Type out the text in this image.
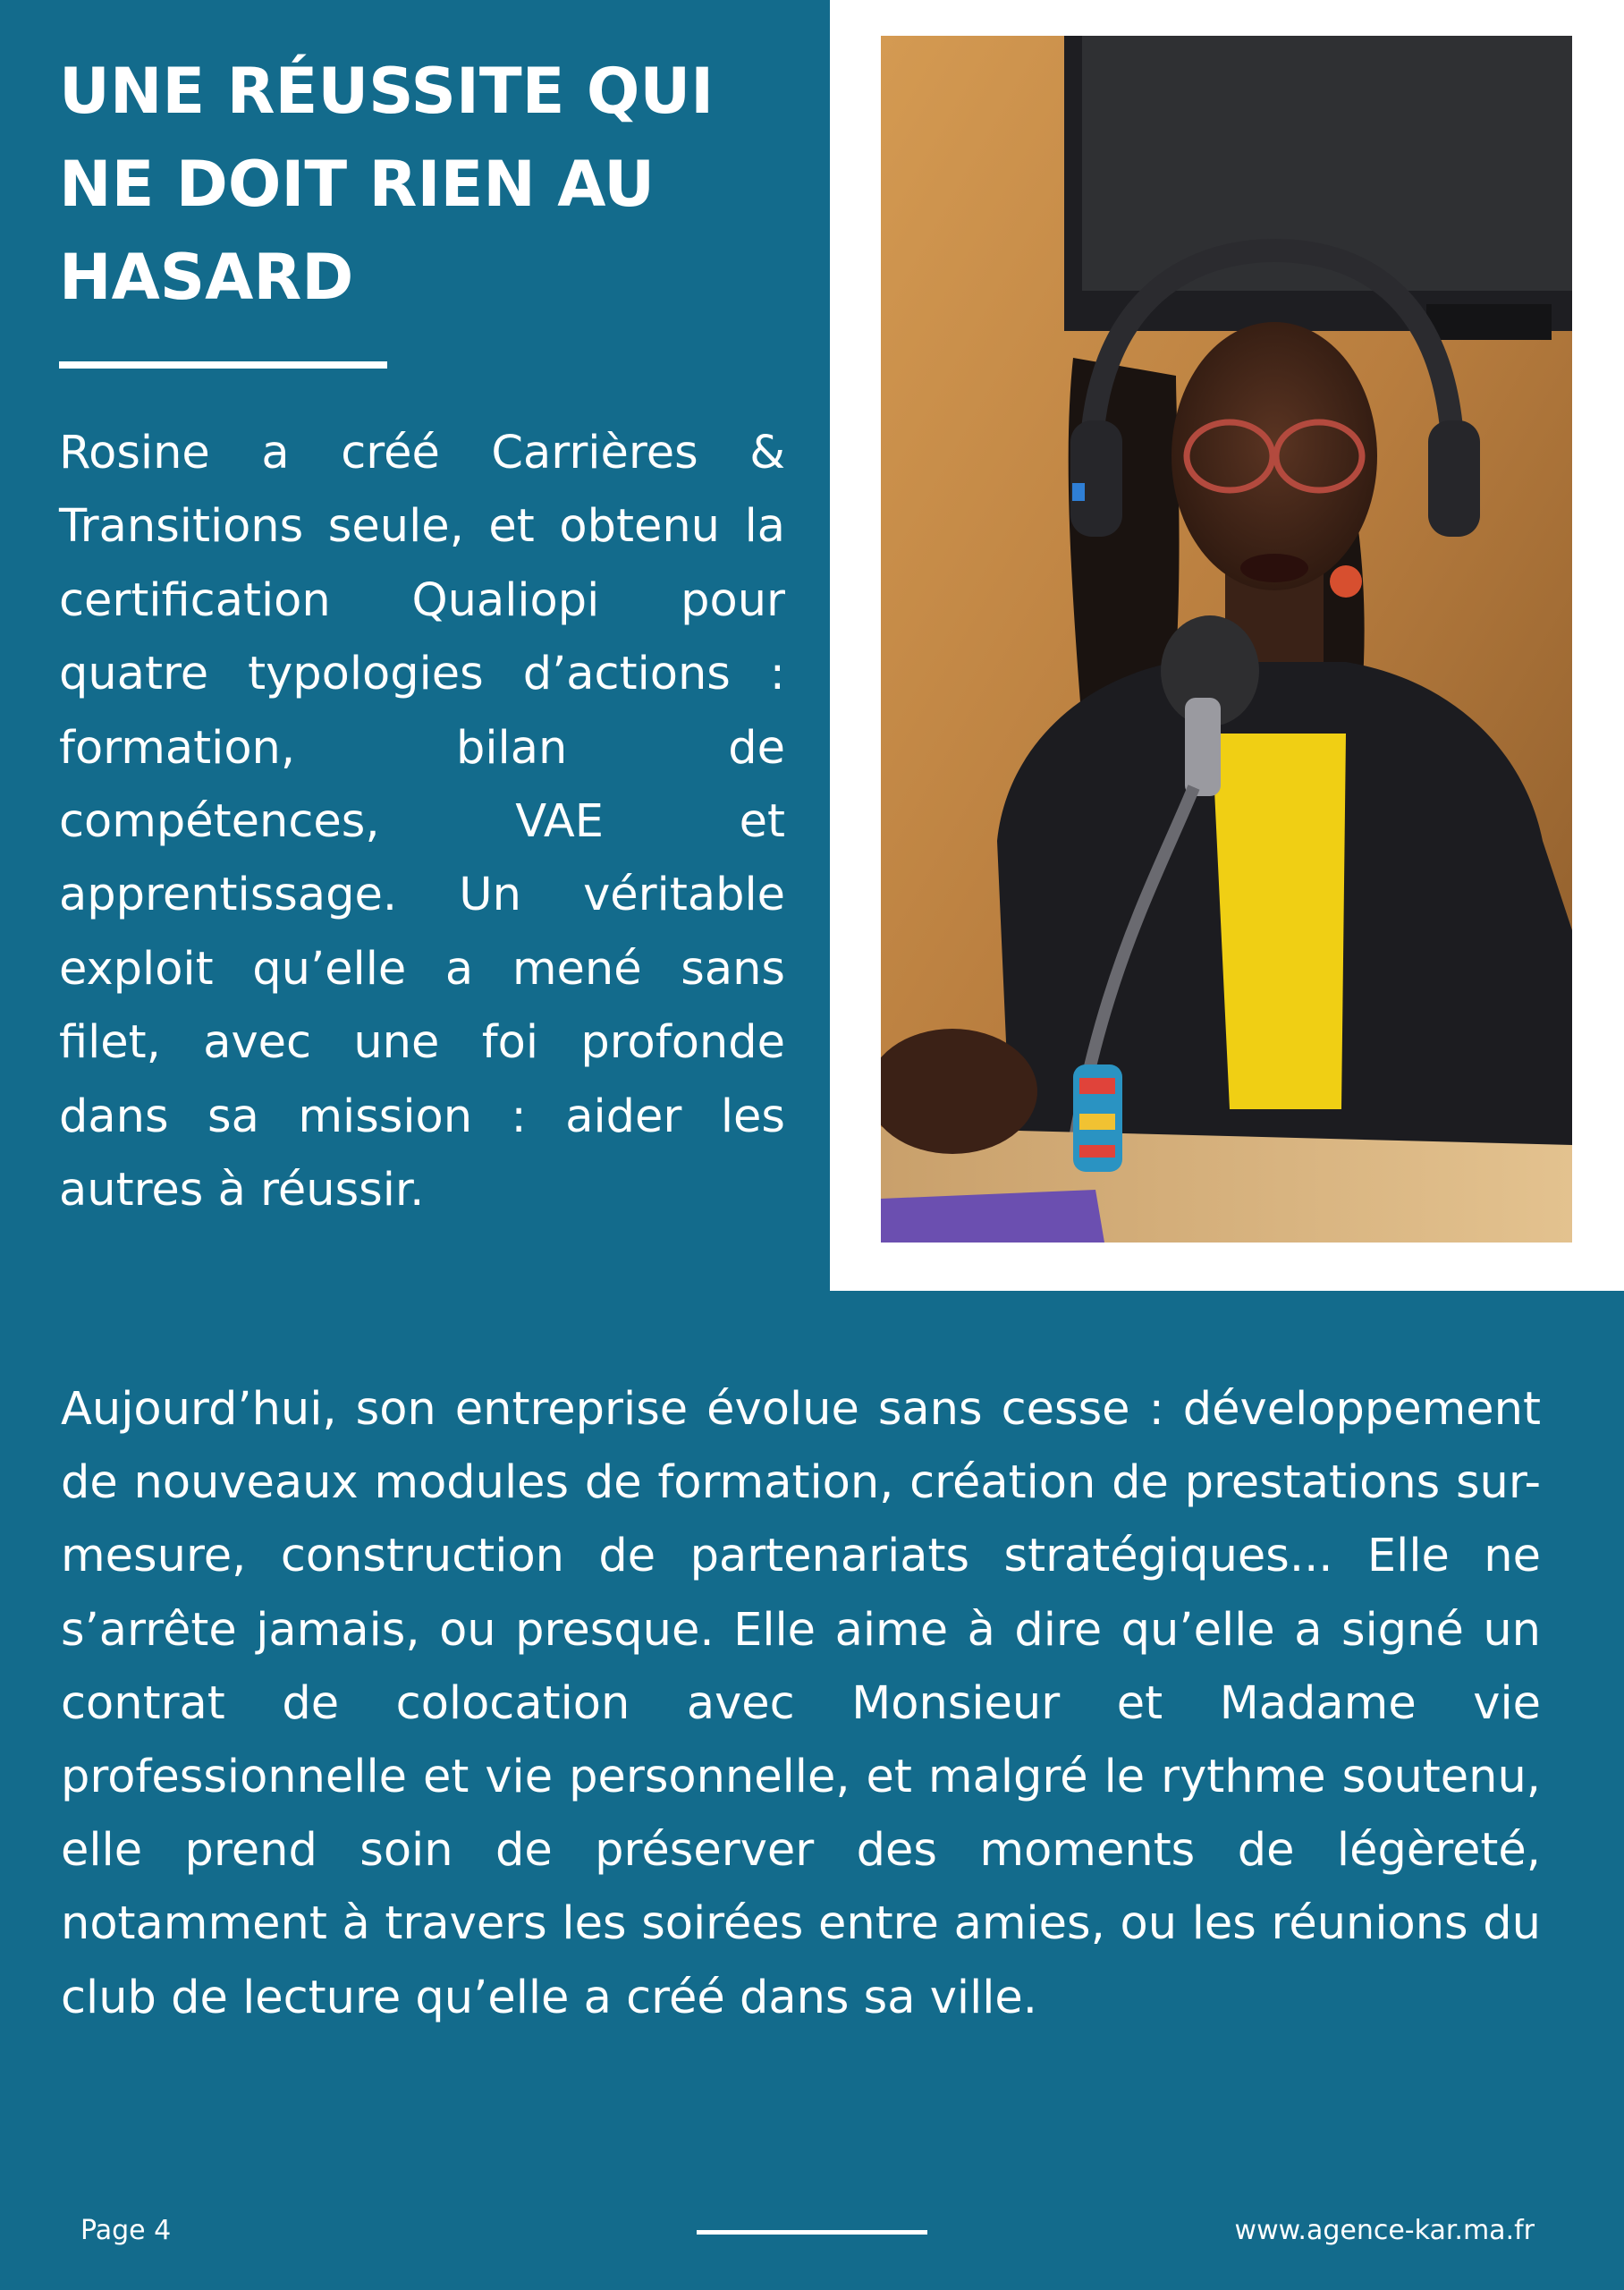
UNE RÉUSSITE QUI NE DOIT RIEN AU HASARD

Rosine a créé Carrières & Transitions seule, et obtenu la certification Qualiopi pour quatre typologies d’actions : formation, bilan de compétences, VAE et apprentissage. Un véritable exploit qu’elle a mené sans filet, avec une foi profonde dans sa mission : aider les autres à réussir.

Aujourd’hui, son entreprise évolue sans cesse : développement de nouveaux modules de formation, création de prestations sur-mesure, construction de partenariats stratégiques... Elle ne s’arrête jamais, ou presque. Elle aime à dire qu’elle a signé un contrat de colocation avec Monsieur et Madame vie professionnelle et vie personnelle, et malgré le rythme soutenu, elle prend soin de préserver des moments de légèreté, notamment à travers les soirées entre amies, ou les réunions du club de lecture qu’elle a créé dans sa ville.

Page 4	www.agence-kar.ma.fr
